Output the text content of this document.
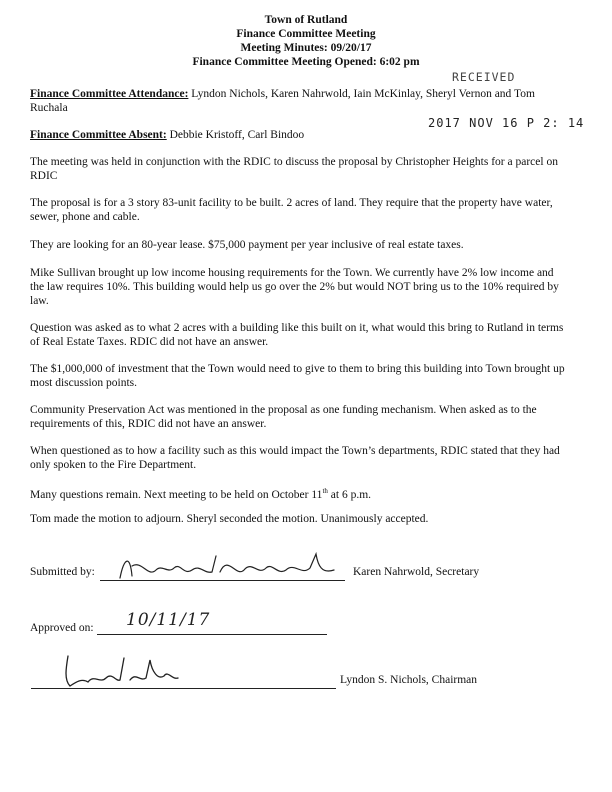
Town of Rutland
Finance Committee Meeting
Meeting Minutes: 09/20/17
Finance Committee Meeting Opened: 6:02 pm
RECEIVED
2017 NOV 16 P 2: 14
Finance Committee Attendance: Lyndon Nichols, Karen Nahrwold, Iain McKinlay, Sheryl Vernon and Tom Ruchala
Finance Committee Absent: Debbie Kristoff, Carl Bindoo
The meeting was held in conjunction with the RDIC to discuss the proposal by Christopher Heights for a parcel on RDIC
The proposal is for a 3 story 83-unit facility to be built. 2 acres of land. They require that the property have water, sewer, phone and cable.
They are looking for an 80-year lease. $75,000 payment per year inclusive of real estate taxes.
Mike Sullivan brought up low income housing requirements for the Town. We currently have 2% low income and the law requires 10%. This building would help us go over the 2% but would NOT bring us to the 10% required by law.
Question was asked as to what 2 acres with a building like this built on it, what would this bring to Rutland in terms of Real Estate Taxes. RDIC did not have an answer.
The $1,000,000 of investment that the Town would need to give to them to bring this building into Town brought up most discussion points.
Community Preservation Act was mentioned in the proposal as one funding mechanism. When asked as to the requirements of this, RDIC did not have an answer.
When questioned as to how a facility such as this would impact the Town’s departments, RDIC stated that they had only spoken to the Fire Department.
Many questions remain. Next meeting to be held on October 11th at 6 p.m.
Tom made the motion to adjourn. Sheryl seconded the motion. Unanimously accepted.
Submitted by:	Karen Nahrwold, Secretary
Approved on: 10/11/17
Lyndon S. Nichols, Chairman
